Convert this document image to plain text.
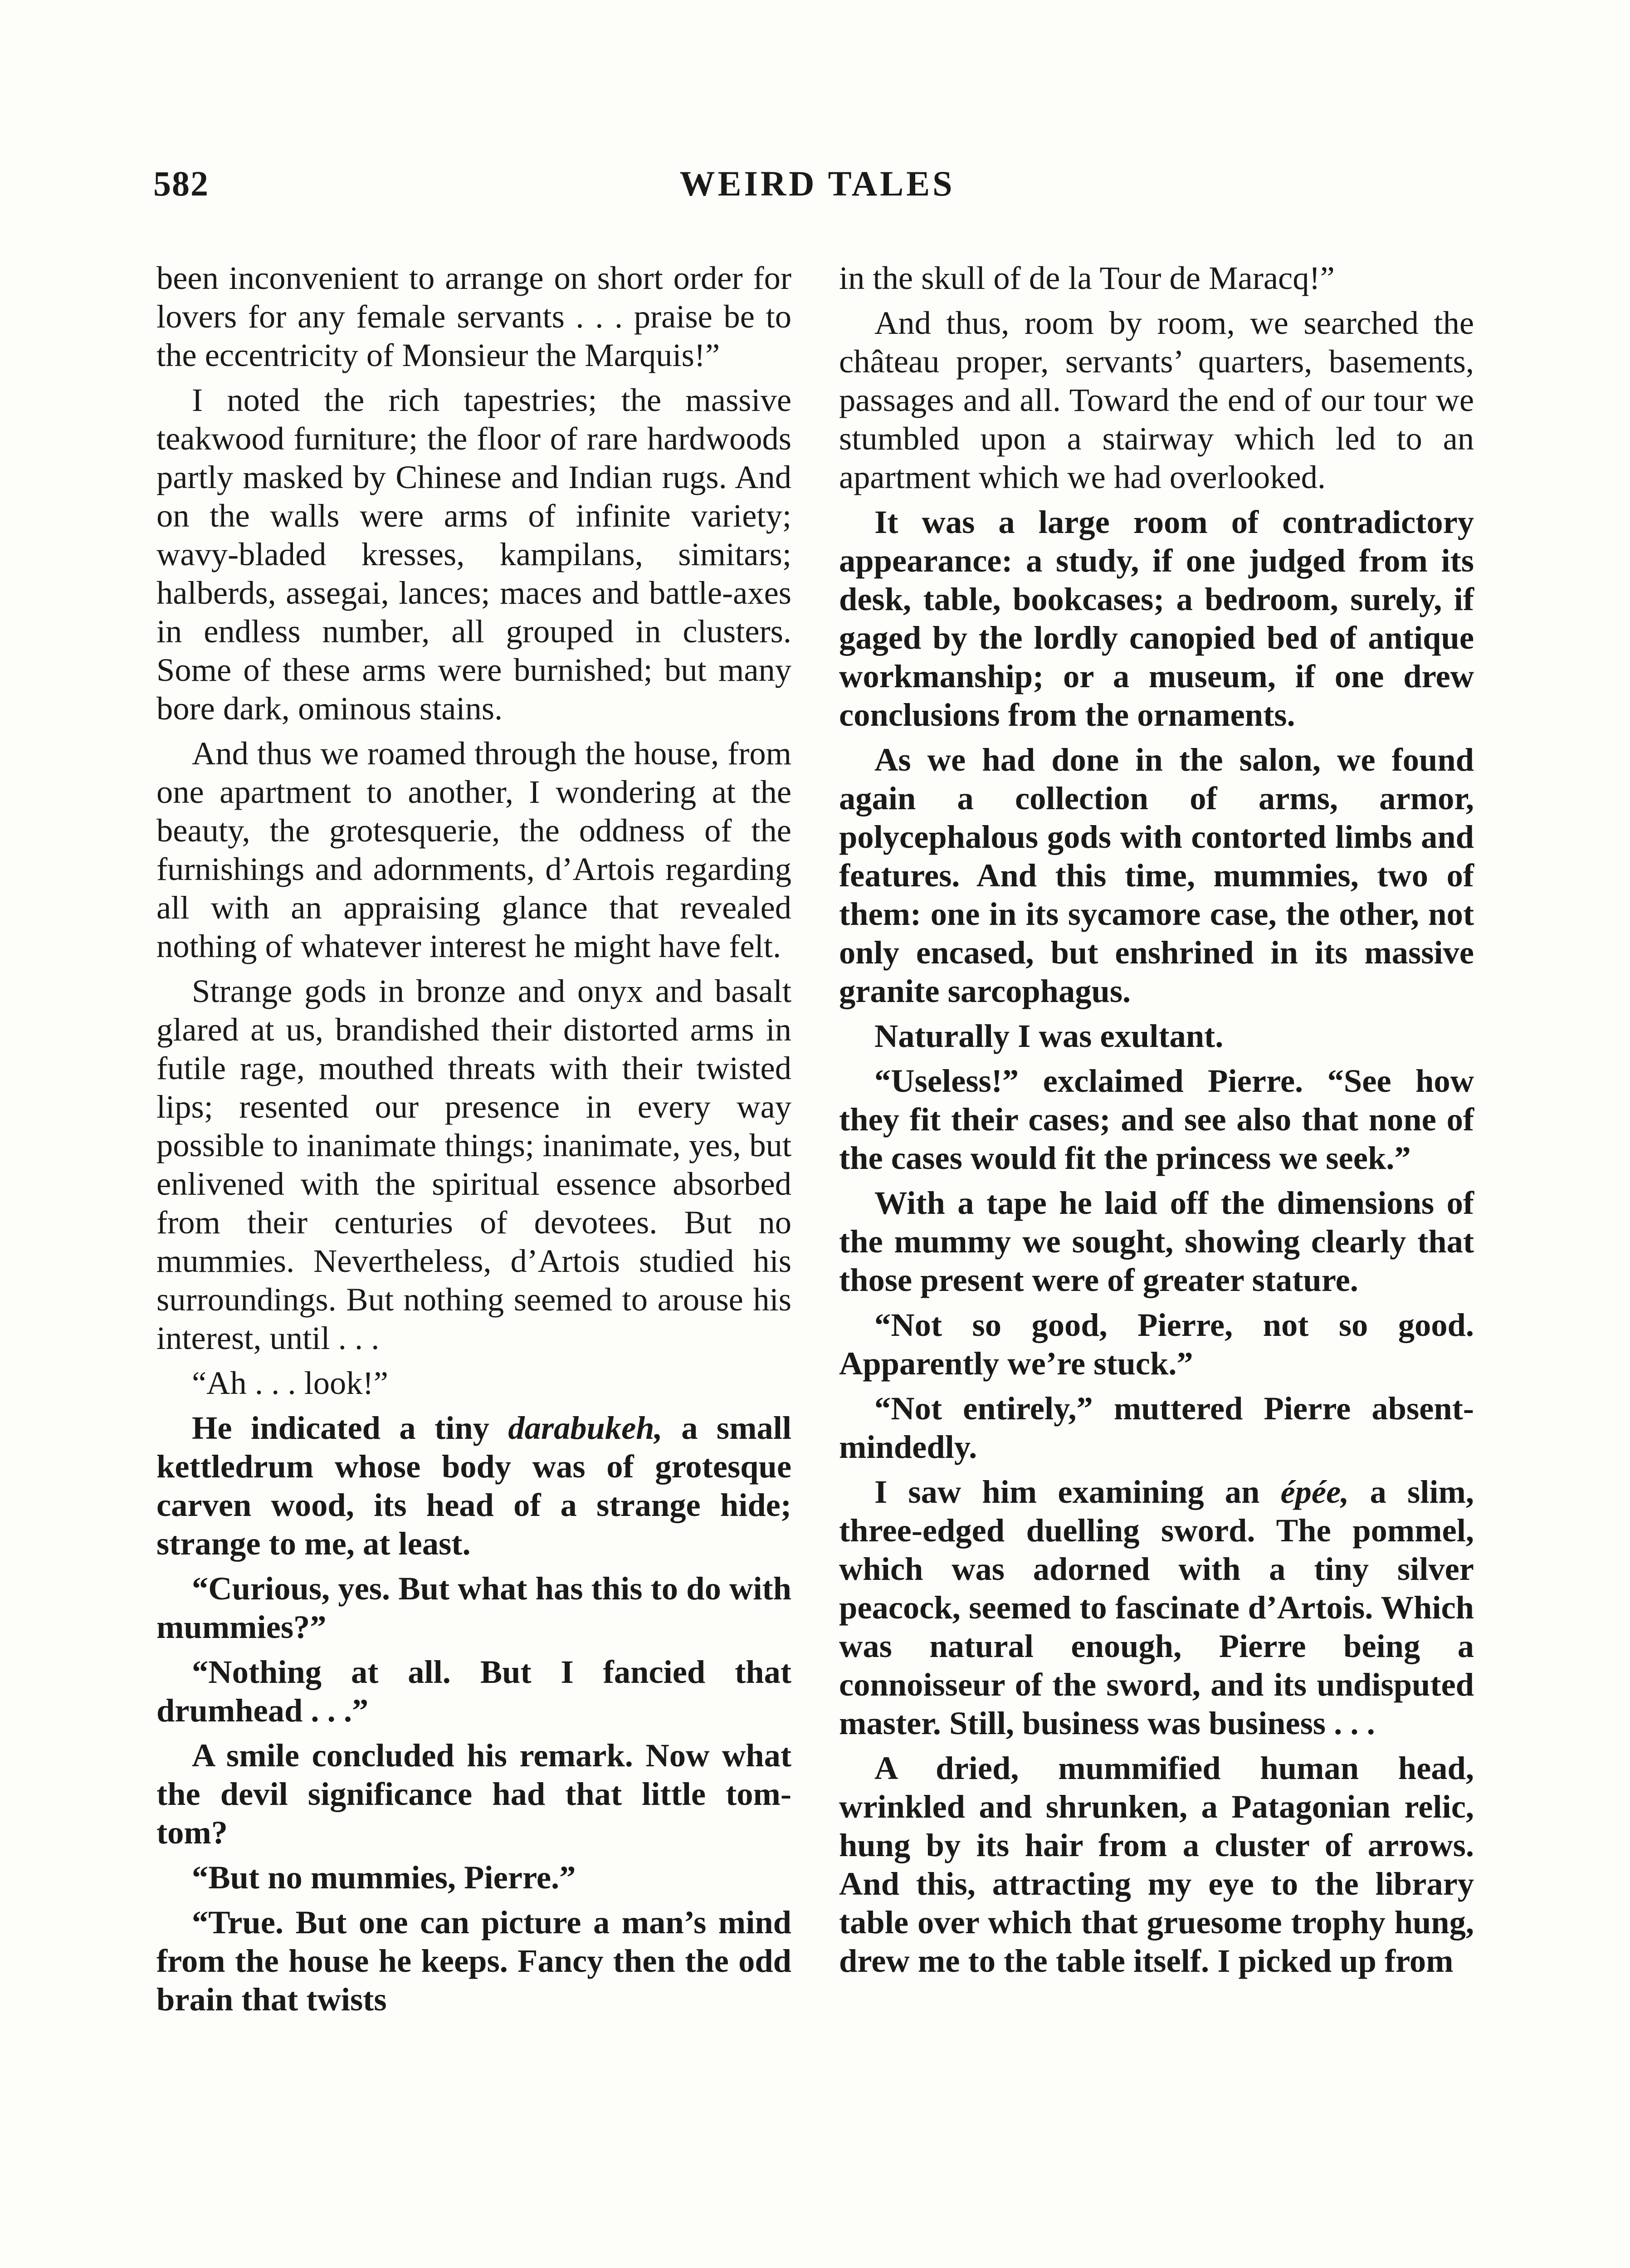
582	WEIRD TALES

been inconvenient to arrange on short order for lovers for any female servants . . . praise be to the eccentricity of Monsieur the Marquis!”

I noted the rich tapestries; the massive teakwood furniture; the floor of rare hardwoods partly masked by Chinese and Indian rugs. And on the walls were arms of infinite variety; wavy-bladed kresses, kampilans, simitars; halberds, assegai, lances; maces and battle-axes in endless number, all grouped in clusters. Some of these arms were burnished; but many bore dark, ominous stains.

And thus we roamed through the house, from one apartment to another, I wondering at the beauty, the grotesquerie, the oddness of the furnishings and adornments, d’Artois regarding all with an appraising glance that revealed nothing of whatever interest he might have felt.

Strange gods in bronze and onyx and basalt glared at us, brandished their distorted arms in futile rage, mouthed threats with their twisted lips; resented our presence in every way possible to inanimate things; inanimate, yes, but enlivened with the spiritual essence absorbed from their centuries of devotees. But no mummies. Nevertheless, d’Artois studied his surroundings. But nothing seemed to arouse his interest, until . . .

“Ah . . . look!”

He indicated a tiny darabukeh, a small kettledrum whose body was of grotesque carven wood, its head of a strange hide; strange to me, at least.

“Curious, yes. But what has this to do with mummies?”

“Nothing at all. But I fancied that drumhead . . .”

A smile concluded his remark. Now what the devil significance had that little tom-tom?

“But no mummies, Pierre.”

“True. But one can picture a man’s mind from the house he keeps. Fancy then the odd brain that twists

in the skull of de la Tour de Maracq!”

And thus, room by room, we searched the château proper, servants’ quarters, basements, passages and all. Toward the end of our tour we stumbled upon a stairway which led to an apartment which we had overlooked.

It was a large room of contradictory appearance: a study, if one judged from its desk, table, bookcases; a bedroom, surely, if gaged by the lordly canopied bed of antique workmanship; or a museum, if one drew conclusions from the ornaments.

As we had done in the salon, we found again a collection of arms, armor, polycephalous gods with contorted limbs and features. And this time, mummies, two of them: one in its sycamore case, the other, not only encased, but enshrined in its massive granite sarcophagus.

Naturally I was exultant.

“Useless!” exclaimed Pierre. “See how they fit their cases; and see also that none of the cases would fit the princess we seek.”

With a tape he laid off the dimensions of the mummy we sought, showing clearly that those present were of greater stature.

“Not so good, Pierre, not so good. Apparently we’re stuck.”

“Not entirely,” muttered Pierre absent-mindedly.

I saw him examining an épée, a slim, three-edged duelling sword. The pommel, which was adorned with a tiny silver peacock, seemed to fascinate d’Artois. Which was natural enough, Pierre being a connoisseur of the sword, and its undisputed master. Still, business was business . . .

A dried, mummified human head, wrinkled and shrunken, a Patagonian relic, hung by its hair from a cluster of arrows. And this, attracting my eye to the library table over which that gruesome trophy hung, drew me to the table itself. I picked up from
